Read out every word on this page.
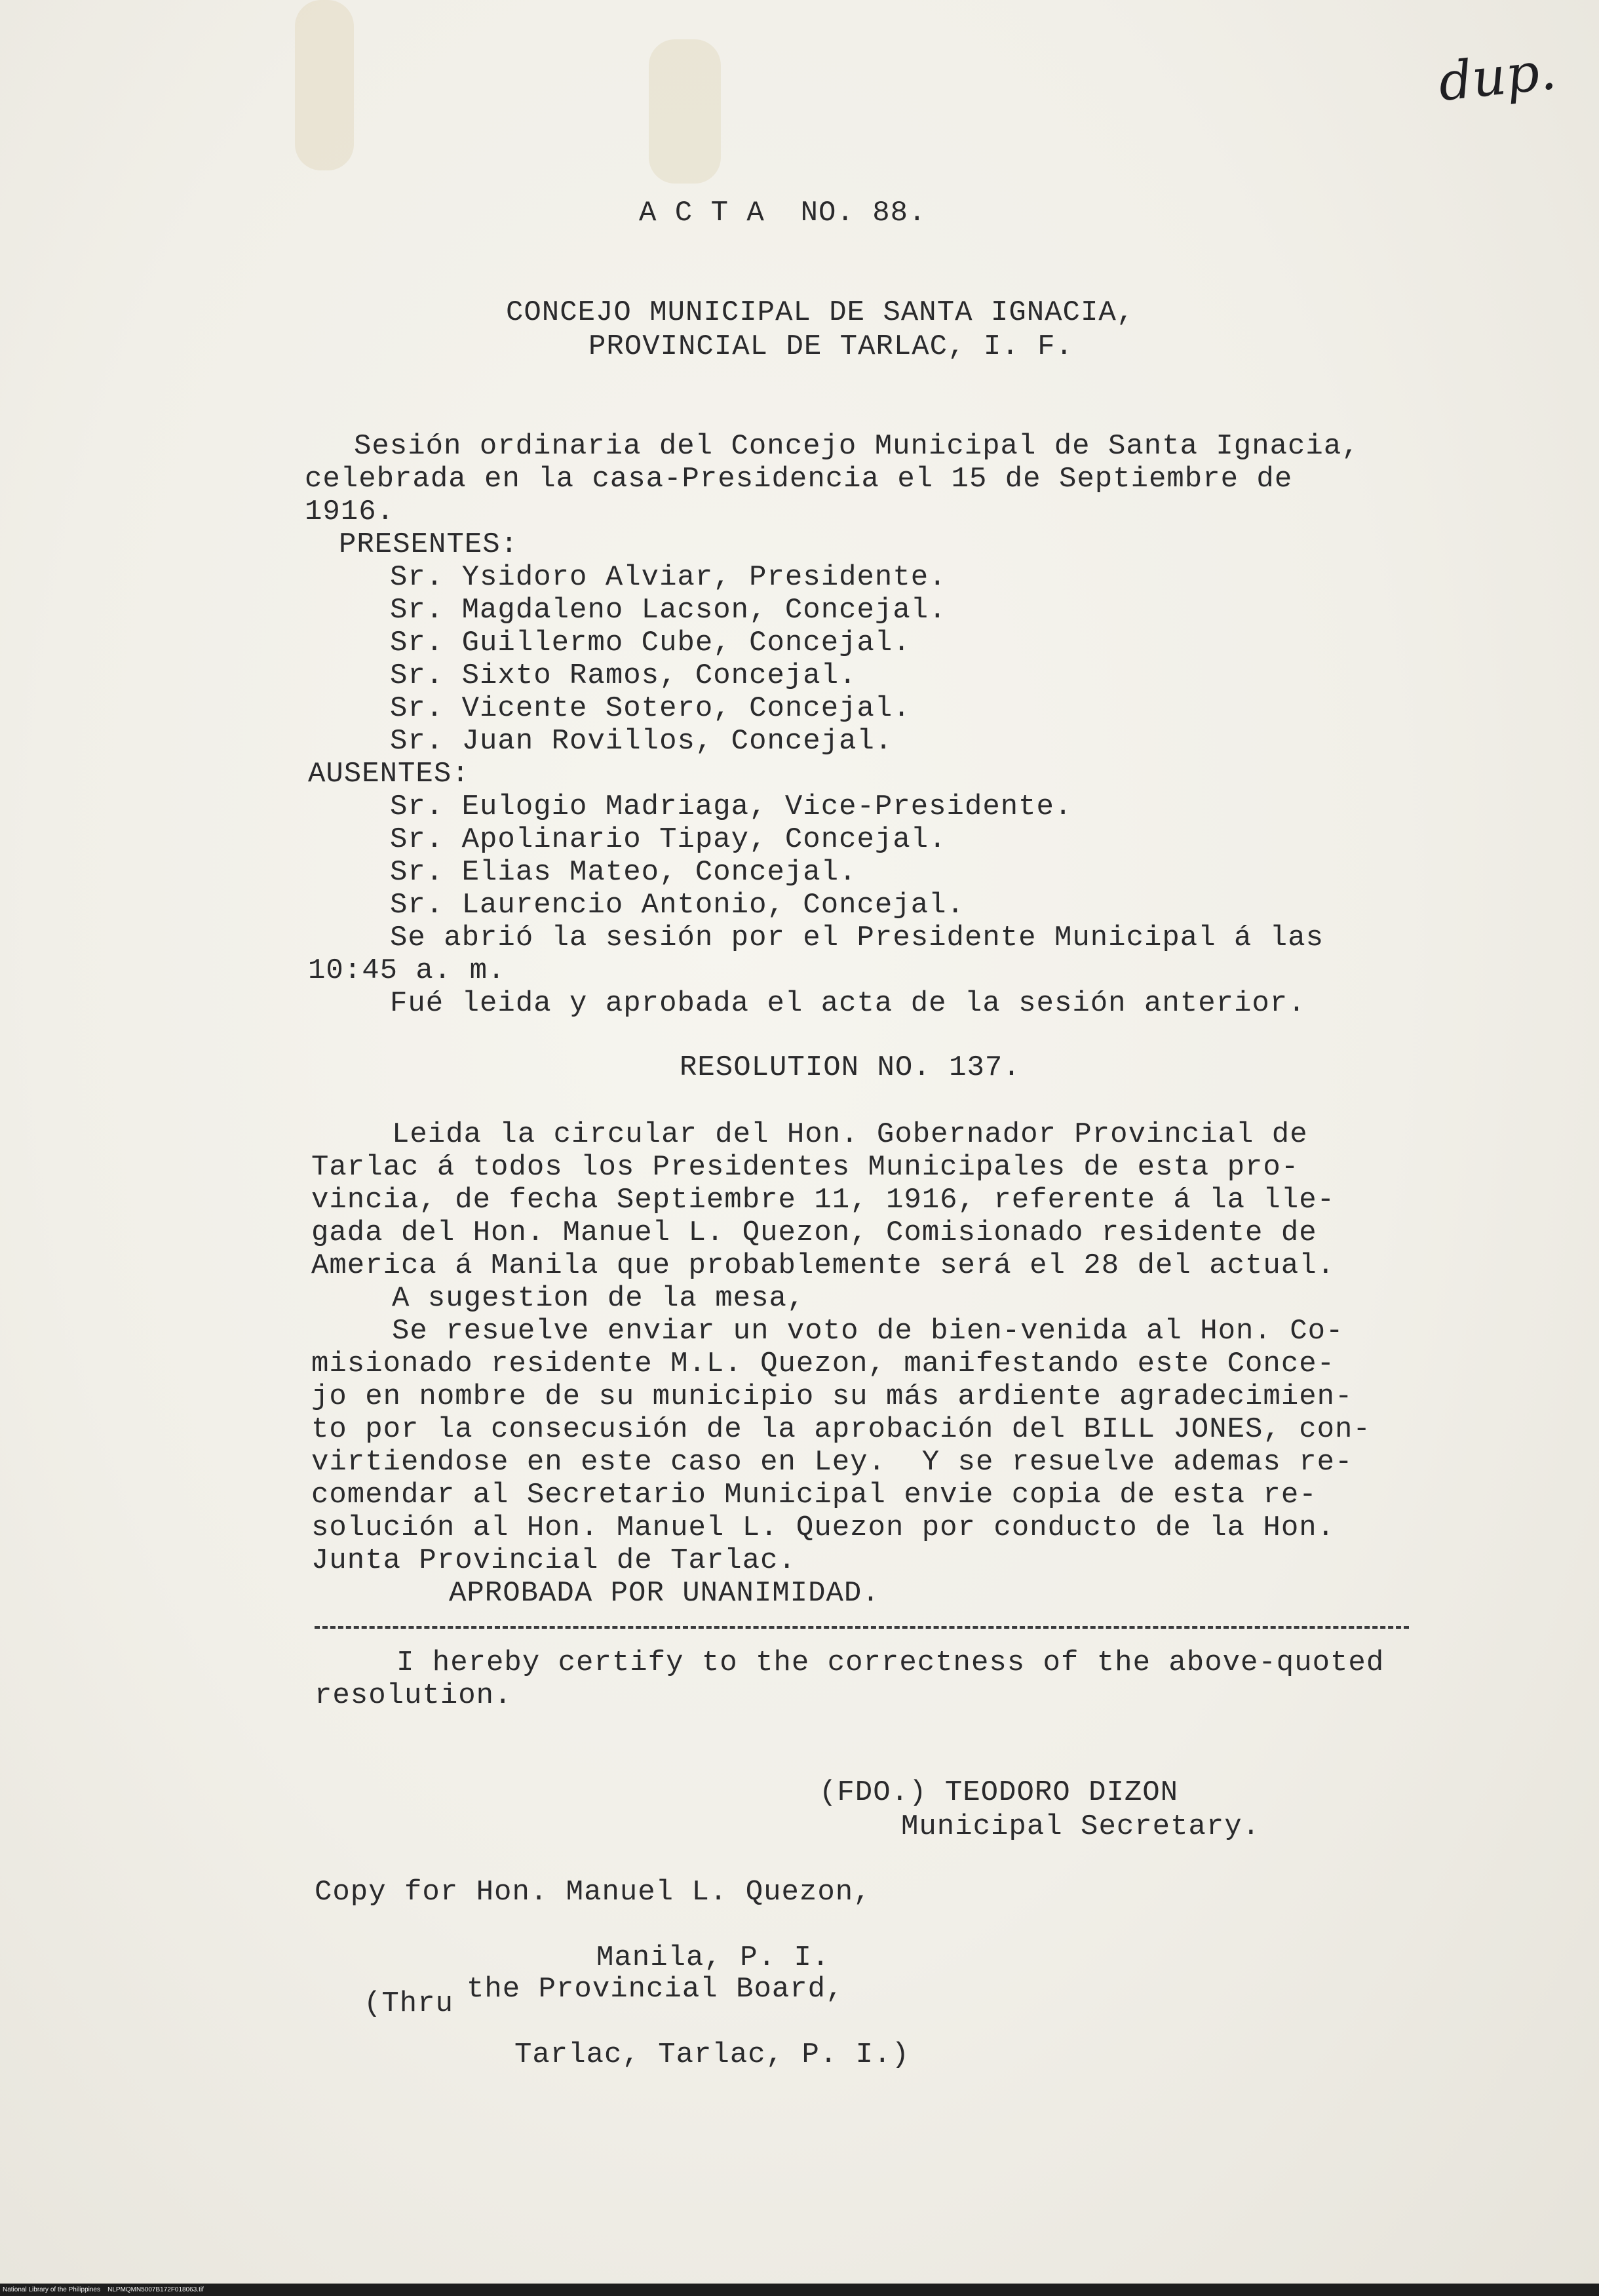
dup.
A C T A  NO. 88.
CONCEJO MUNICIPAL DE SANTA IGNACIA,
PROVINCIAL DE TARLAC, I. F.
Sesión ordinaria del Concejo Municipal de Santa Ignacia,
celebrada en la casa-Presidencia el 15 de Septiembre de
1916.
PRESENTES:
Sr. Ysidoro Alviar, Presidente.
Sr. Magdaleno Lacson, Concejal.
Sr. Guillermo Cube, Concejal.
Sr. Sixto Ramos, Concejal.
Sr. Vicente Sotero, Concejal.
Sr. Juan Rovillos, Concejal.
AUSENTES:
Sr. Eulogio Madriaga, Vice-Presidente.
Sr. Apolinario Tipay, Concejal.
Sr. Elias Mateo, Concejal.
Sr. Laurencio Antonio, Concejal.
Se abrió la sesión por el Presidente Municipal á las
10:45 a. m.
Fué leida y aprobada el acta de la sesión anterior.
RESOLUTION NO. 137.
Leida la circular del Hon. Gobernador Provincial de
Tarlac á todos los Presidentes Municipales de esta pro-
vincia, de fecha Septiembre 11, 1916, referente á la lle-
gada del Hon. Manuel L. Quezon, Comisionado residente de
America á Manila que probablemente será el 28 del actual.
A sugestion de la mesa,
Se resuelve enviar un voto de bien-venida al Hon. Co-
misionado residente M.L. Quezon, manifestando este Conce-
jo en nombre de su municipio su más ardiente agradecimien-
to por la consecusión de la aprobación del BILL JONES, con-
virtiendose en este caso en Ley.  Y se resuelve ademas re-
comendar al Secretario Municipal envie copia de esta re-
solución al Hon. Manuel L. Quezon por conducto de la Hon.
Junta Provincial de Tarlac.
APROBADA POR UNANIMIDAD.
I hereby certify to the correctness of the above-quoted
resolution.
(FDO.) TEODORO DIZON
Municipal Secretary.
Copy for Hon. Manuel L. Quezon,
Manila, P. I.
(Thru the Provincial Board,
Tarlac, Tarlac, P. I.)
National Library of the Philippines NLPMQMN5007B172F018063.tif
